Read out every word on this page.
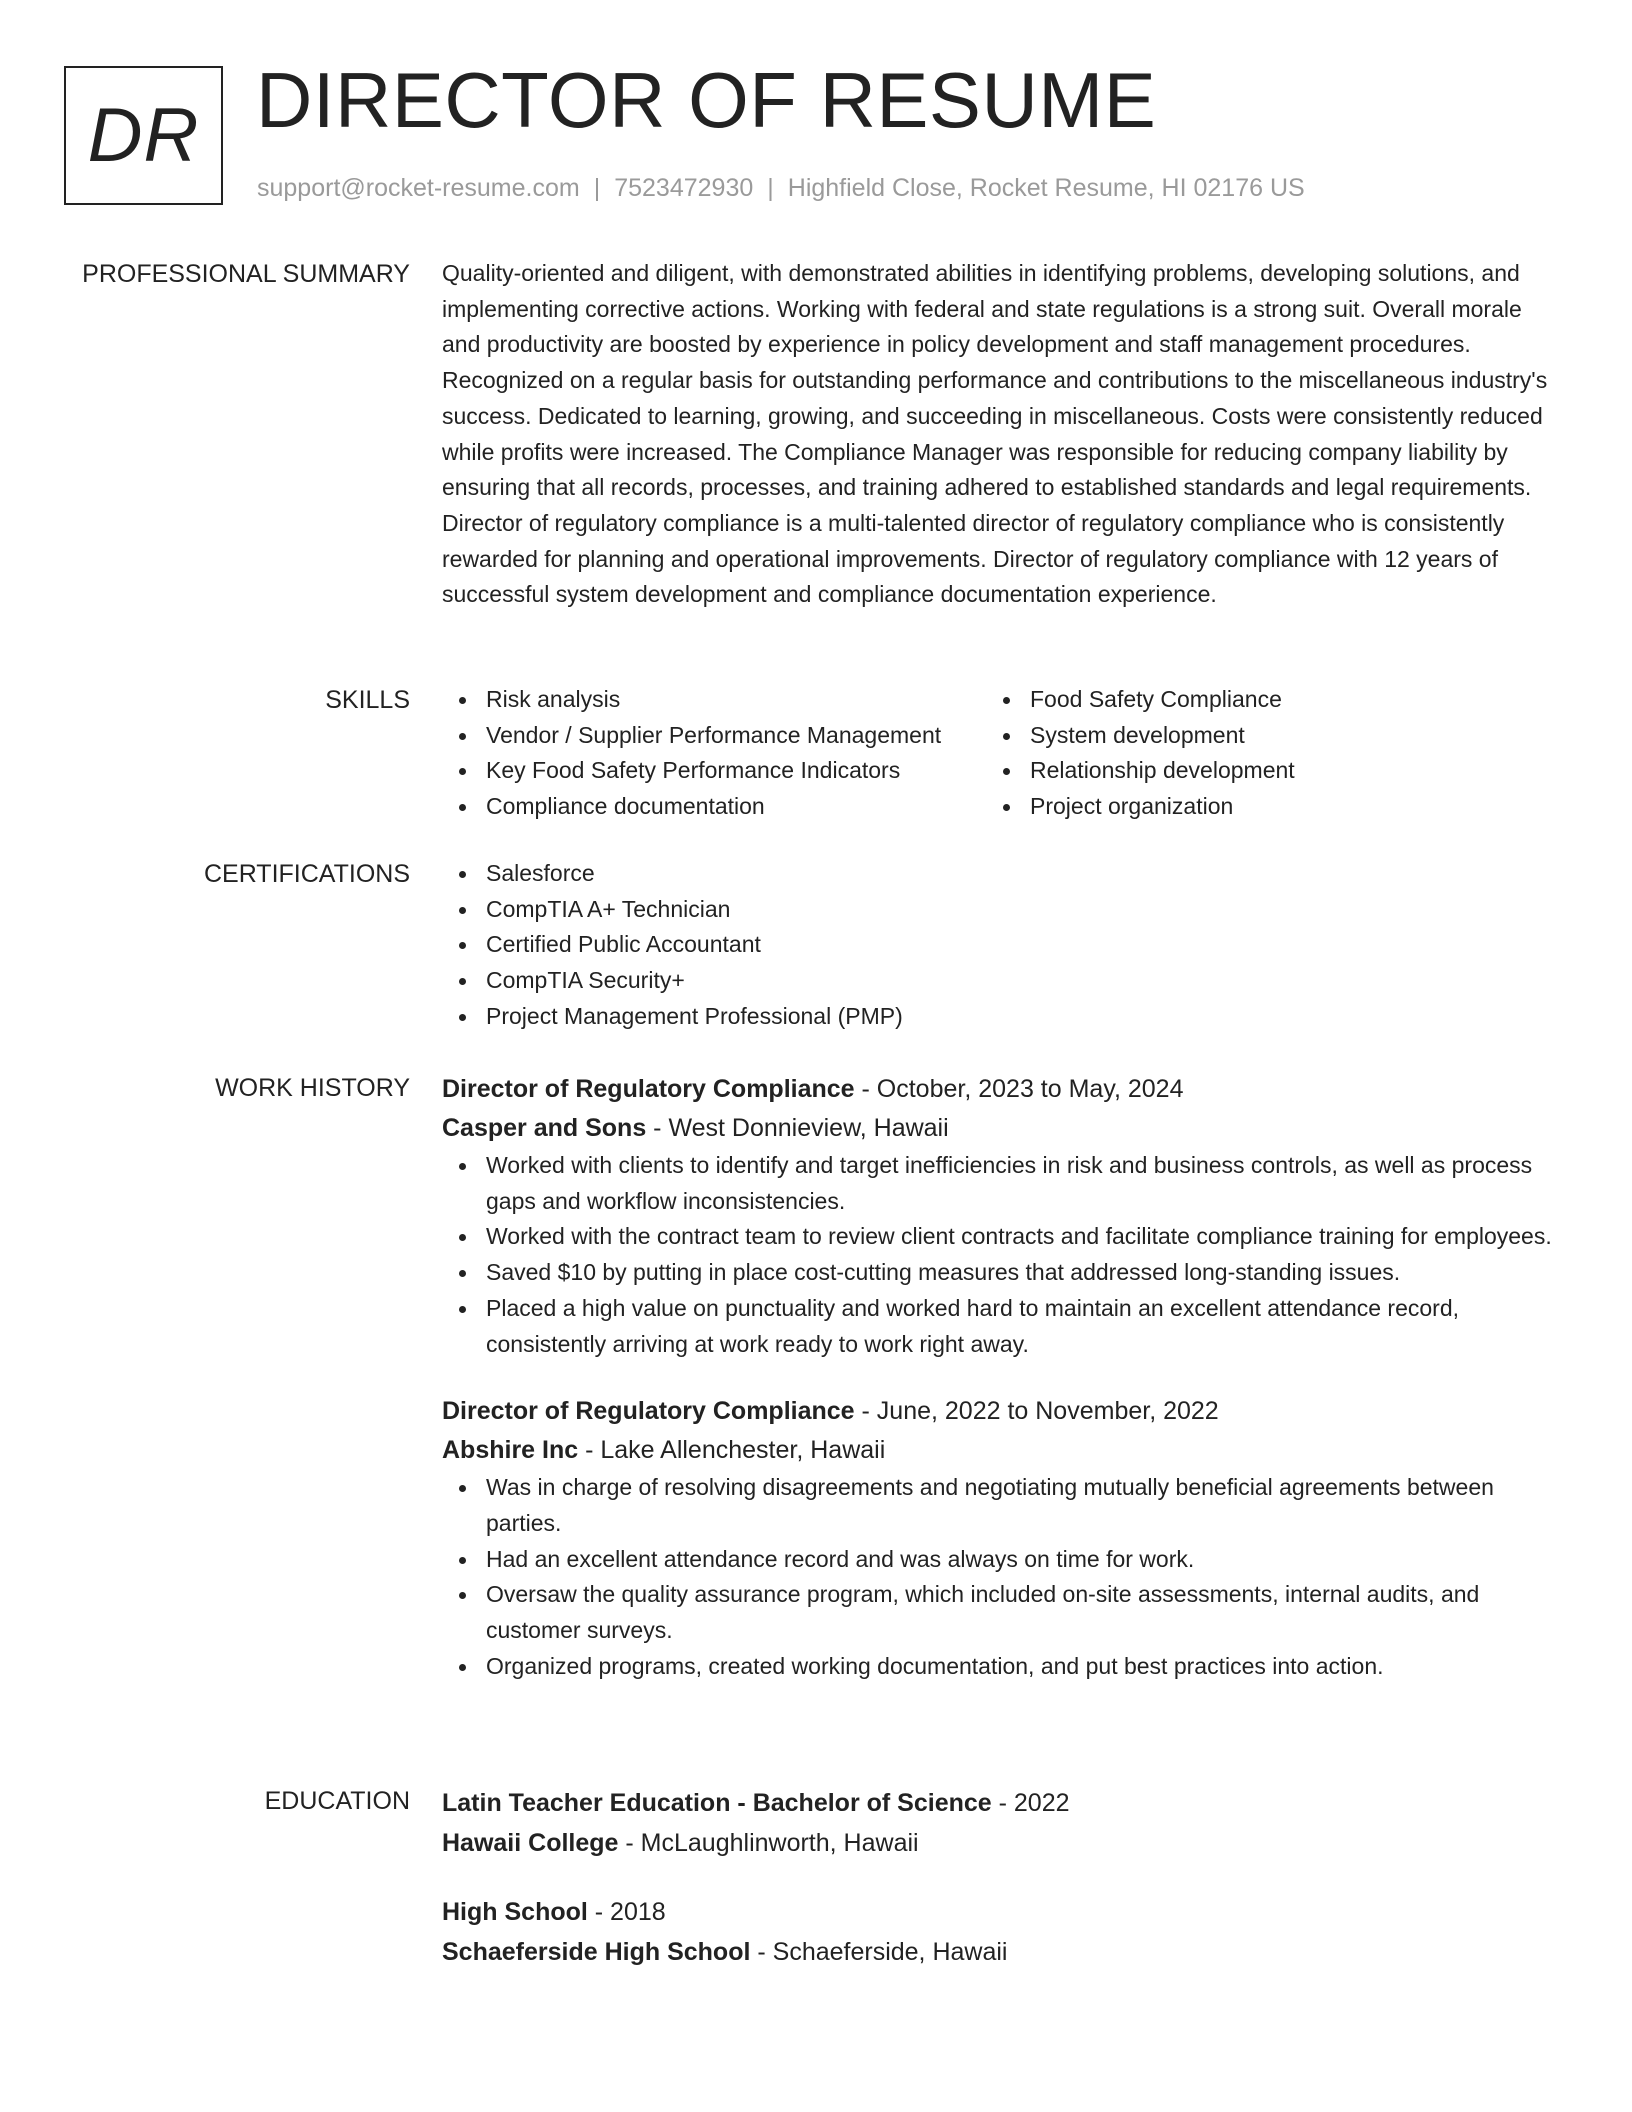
DR DIRECTOR OF RESUME
support@rocket-resume.com | 7523472930 | Highfield Close, Rocket Resume, HI 02176 US
PROFESSIONAL SUMMARY Quality-oriented and diligent, with demonstrated abilities in identifying problems, developing solutions, and implementing corrective actions. Working with federal and state regulations is a strong suit. Overall morale and productivity are boosted by experience in policy development and staff management procedures. Recognized on a regular basis for outstanding performance and contributions to the miscellaneous industry's success. Dedicated to learning, growing, and succeeding in miscellaneous. Costs were consistently reduced while profits were increased. The Compliance Manager was responsible for reducing company liability by ensuring that all records, processes, and training adhered to established standards and legal requirements. Director of regulatory compliance is a multi-talented director of regulatory compliance who is consistently rewarded for planning and operational improvements. Director of regulatory compliance with 12 years of successful system development and compliance documentation experience.

SKILLS	Risk analysis
Vendor / Supplier Performance Management
Key Food Safety Performance Indicators
Compliance documentation
Food Safety Compliance
System development
Relationship development
Project organization
CERTIFICATIONS	Salesforce
CompTIA A+ Technician
Certified Public Accountant
CompTIA Security+
Project Management Professional (PMP)
WORK HISTORY Director of Regulatory Compliance - October, 2023 to May, 2024
Casper and Sons - West Donnieview, Hawaii
Worked with clients to identify and target inefficiencies in risk and business controls, as well as process gaps and workflow inconsistencies.
Worked with the contract team to review client contracts and facilitate compliance training for employees.
Saved $10 by putting in place cost-cutting measures that addressed long-standing issues.
Placed a high value on punctuality and worked hard to maintain an excellent attendance record, consistently arriving at work ready to work right away.
Director of Regulatory Compliance - June, 2022 to November, 2022
Abshire Inc - Lake Allenchester, Hawaii
Was in charge of resolving disagreements and negotiating mutually beneficial agreements between parties.
Had an excellent attendance record and was always on time for work.
Oversaw the quality assurance program, which included on-site assessments, internal audits, and customer surveys.
Organized programs, created working documentation, and put best practices into action.
EDUCATION Latin Teacher Education - Bachelor of Science - 2022
Hawaii College - McLaughlinworth, Hawaii
High School - 2018
Schaeferside High School - Schaeferside, Hawaii
